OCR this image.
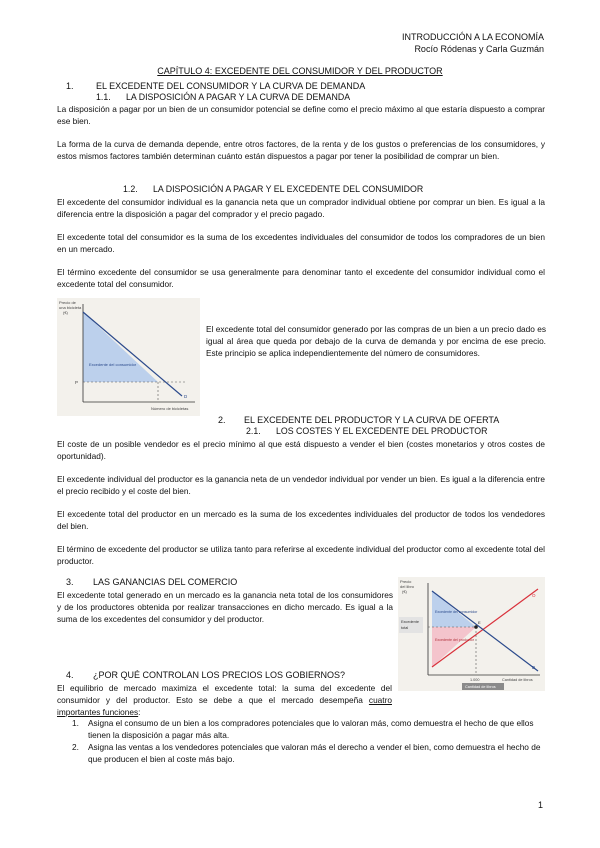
INTRODUCCIÓN A LA ECONOMÍA
Rocío Ródenas y Carla Guzmán
CAPÍTULO 4: EXCEDENTE DEL CONSUMIDOR Y DEL PRODUCTOR
1. EL EXCEDENTE DEL CONSUMIDOR Y LA CURVA DE DEMANDA
1.1. LA DISPOSICIÓN A PAGAR Y LA CURVA DE DEMANDA

La disposición a pagar por un bien de un consumidor potencial se define como el precio máximo al que estaría dispuesto a comprar ese bien.

La forma de la curva de demanda depende, entre otros factores, de la renta y de los gustos o preferencias de los consumidores, y estos mismos factores también determinan cuánto están dispuestos a pagar por tener la posibilidad de comprar un bien.

1.2. LA DISPOSICIÓN A PAGAR Y EL EXCEDENTE DEL CONSUMIDOR

El excedente del consumidor individual es la ganancia neta que un comprador individual obtiene por comprar un bien. Es igual a la diferencia entre la disposición a pagar del comprador y el precio pagado.

El excedente total del consumidor es la suma de los excedentes individuales del consumidor de todos los compradores de un bien en un mercado.

El término excedente del consumidor se usa generalmente para denominar tanto el excedente del consumidor individual como el excedente total del consumidor.

Precio de
una bicicleta
(€)
P
Excedente del consumidor
D
Número de bicicletas

El excedente total del consumidor generado por las compras de un bien a un precio dado es igual al área que queda por debajo de la curva de demanda y por encima de ese precio. Este principio se aplica independientemente del número de consumidores.

2. EL EXCEDENTE DEL PRODUCTOR Y LA CURVA DE OFERTA
2.1. LOS COSTES Y EL EXCEDENTE DEL PRODUCTOR

El coste de un posible vendedor es el precio mínimo al que está dispuesto a vender el bien (costes monetarios y otros costes de oportunidad).

El excedente individual del productor es la ganancia neta de un vendedor individual por vender un bien. Es igual a la diferencia entre el precio recibido y el coste del bien.

El excedente total del productor en un mercado es la suma de los excedentes individuales del productor de todos los vendedores del bien.

El término de excedente del productor se utiliza tanto para referirse al excedente individual del productor como al excedente total del productor.

3. LAS GANANCIAS DEL COMERCIO

El excedente total generado en un mercado es la ganancia neta total de los consumidores y de los productores obtenida por realizar transacciones en dicho mercado. Es igual a la suma de los excedentes del consumidor y del productor.

Precio
del libro
(€)
Excedente
total
Excedente del consumidor
Excedente del productor
E
O
D
1.000	Cantidad de libros
Cantidad de libros
4. ¿POR QUÉ CONTROLAN LOS PRECIOS LOS GOBIERNOS?

El equilibrio de mercado maximiza el excedente total: la suma del excedente del consumidor y del productor. Esto se debe a que el mercado desempeña cuatro importantes funciones:

1. Asigna el consumo de un bien a los compradores potenciales que lo valoran más, como demuestra el hecho de que ellos tienen la disposición a pagar más alta.
2. Asigna las ventas a los vendedores potenciales que valoran más el derecho a vender el bien, como demuestra el hecho de que producen el bien al coste más bajo.
1
